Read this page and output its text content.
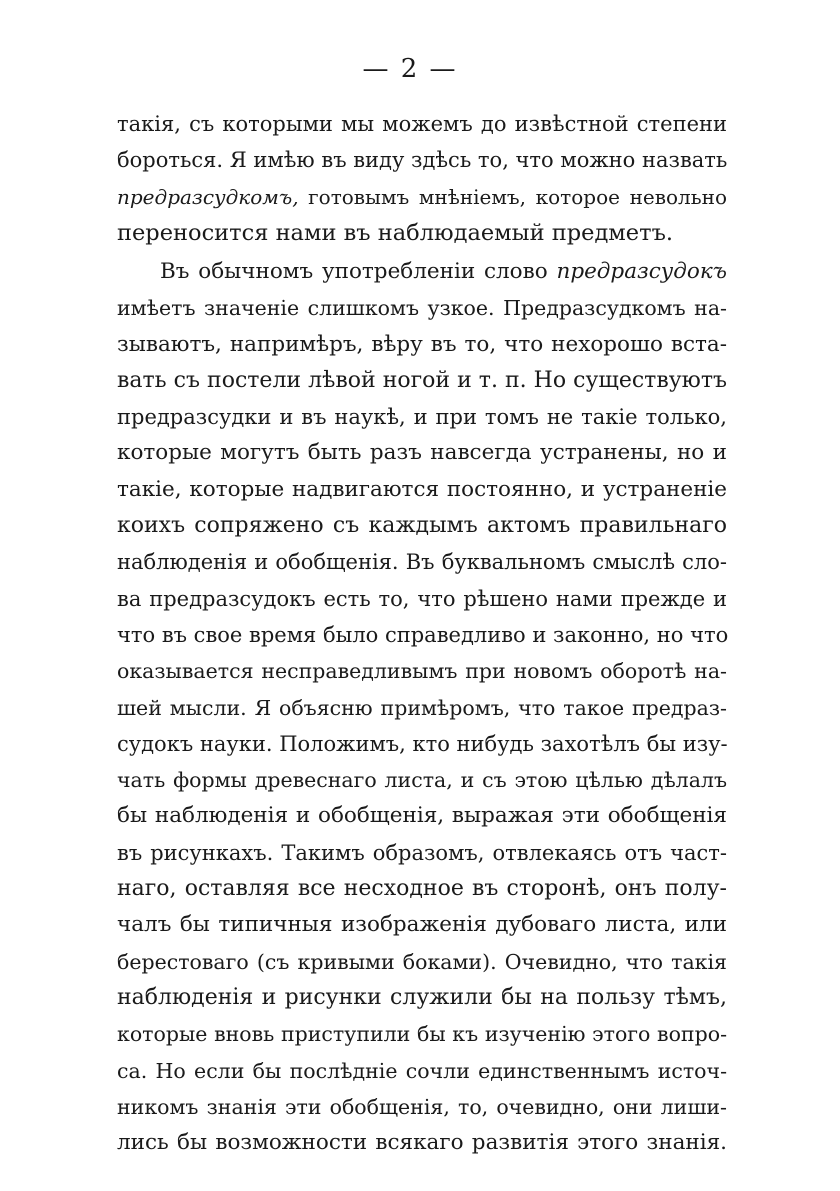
— 2 —
такія, съ которыми мы можемъ до извѣстной степени
бороться. Я имѣю въ виду здѣсь то, что можно назвать
предразсудкомъ, готовымъ мнѣніемъ, которое невольно
переносится нами въ наблюдаемый предметъ.
Въ обычномъ употребленіи слово предразсудокъ
имѣетъ значеніе слишкомъ узкое. Предразсудкомъ на-
зываютъ, напримѣръ, вѣру въ то, что нехорошо вста-
вать съ постели лѣвой ногой и т. п. Но существуютъ
предразсудки и въ наукѣ, и при томъ не такіе только,
которые могутъ быть разъ навсегда устранены, но и
такіе, которые надвигаются постоянно, и устраненіе
коихъ сопряжено съ каждымъ актомъ правильнаго
наблюденія и обобщенія. Въ буквальномъ смыслѣ сло-
ва предразсудокъ есть то, что рѣшено нами прежде и
что въ свое время было справедливо и законно, но что
оказывается несправедливымъ при новомъ оборотѣ на-
шей мысли. Я объясню примѣромъ, что такое предраз-
судокъ науки. Положимъ, кто нибудь захотѣлъ бы изу-
чать формы древеснаго листа, и съ этою цѣлью дѣлалъ
бы наблюденія и обобщенія, выражая эти обобщенія
въ рисункахъ. Такимъ образомъ, отвлекаясь отъ част-
наго, оставляя все несходное въ сторонѣ, онъ полу-
чалъ бы типичныя изображенія дубоваго листа, или
берестоваго (съ кривыми боками). Очевидно, что такія
наблюденія и рисунки служили бы на пользу тѣмъ,
которые вновь приступили бы къ изученію этого вопро-
са. Но если бы послѣдніе сочли единственнымъ источ-
никомъ знанія эти обобщенія, то, очевидно, они лиши-
лись бы возможности всякаго развитія этого знанія.
